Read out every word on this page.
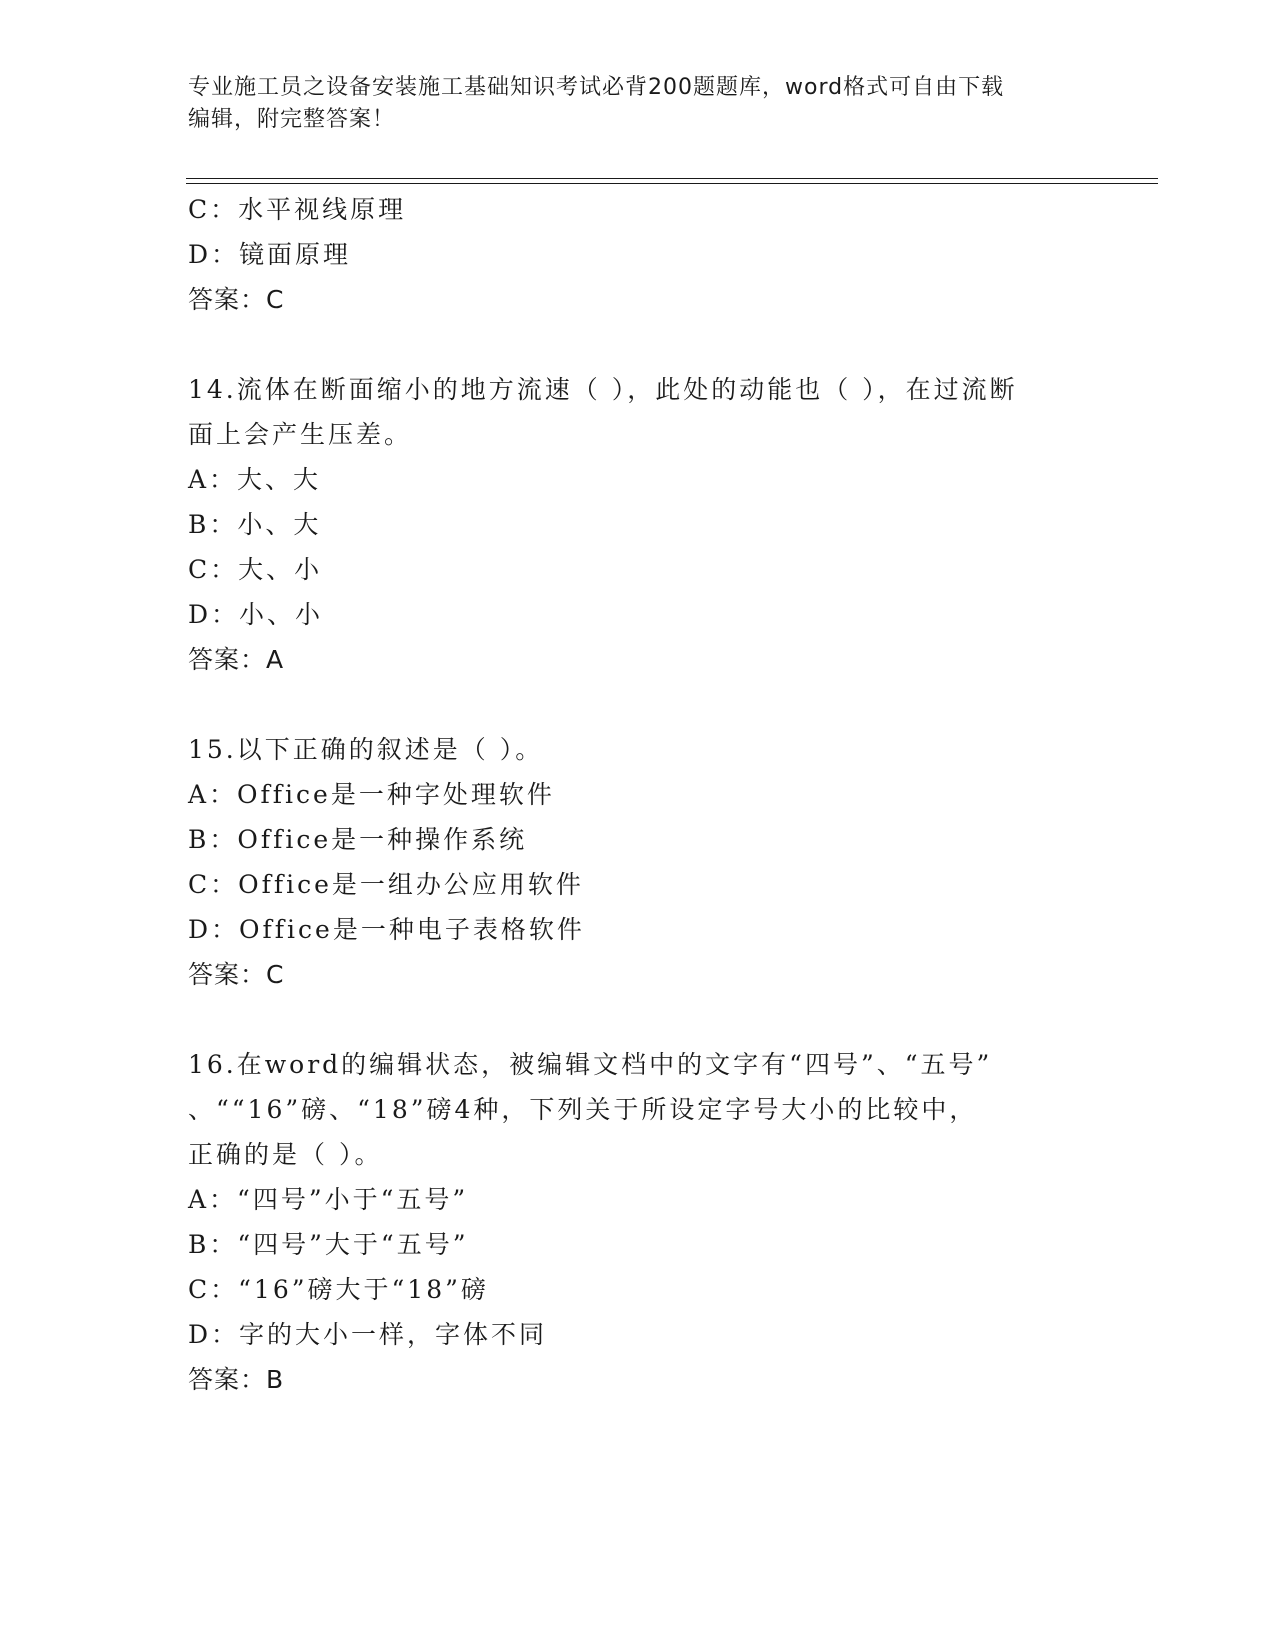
专业施工员之设备安装施工基础知识考试必背200题题库，word格式可自由下载
编辑，附完整答案！
C：水平视线原理
D：镜面原理
答案：C
14.流体在断面缩小的地方流速（ ），此处的动能也（ ），在过流断
面上会产生压差。
A：大、大
B：小、大
C：大、小
D：小、小
答案：A
15.以下正确的叙述是（ ）。
A：Office是一种字处理软件
B：Office是一种操作系统
C：Office是一组办公应用软件
D：Office是一种电子表格软件
答案：C
16.在word的编辑状态，被编辑文档中的文字有“四号”、“五号”
、““16”磅、“18”磅4种，下列关于所设定字号大小的比较中，
正确的是（ ）。
A：“四号”小于“五号”
B：“四号”大于“五号”
C：“16”磅大于“18”磅
D：字的大小一样，字体不同
答案：B
